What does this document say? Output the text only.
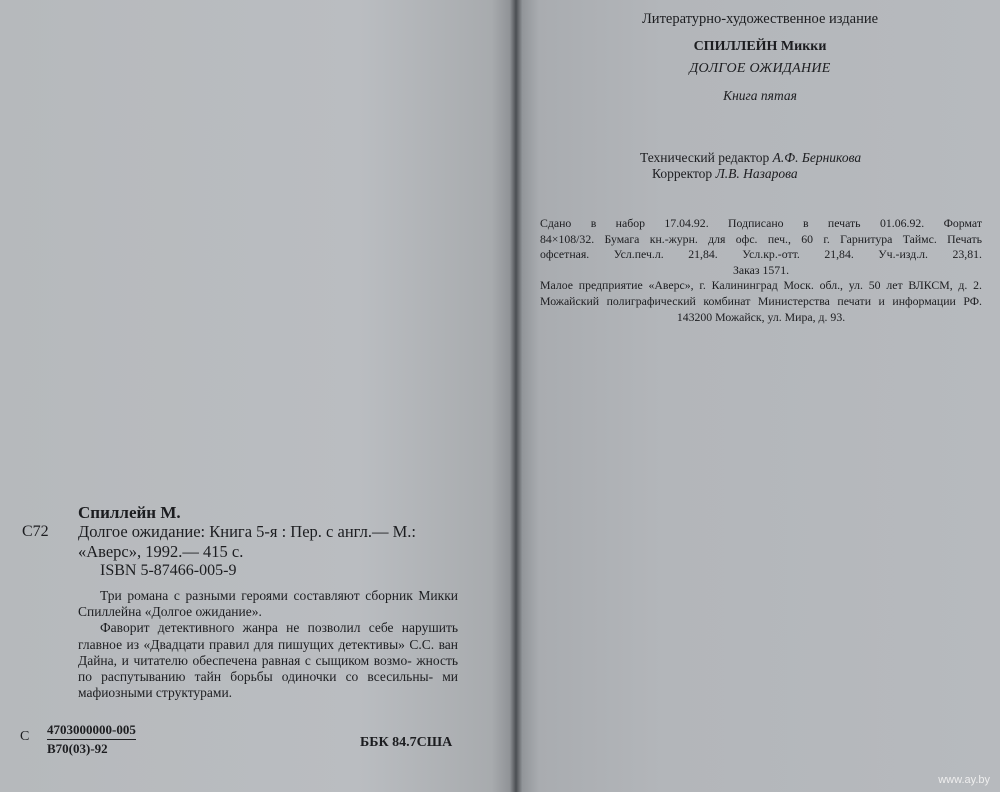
Спиллейн М.
С72 Долгое ожидание: Книга 5-я : Пер. с англ.— М.:
«Аверс», 1992.— 415 с.
ISBN 5-87466-005-9

Три романа с разными героями составляют сборник Микки Спиллейна «Долгое ожидание».

Фаворит детективного жанра не позволил себе нарушить главное из «Двадцати правил для пишущих детективы» С.С. ван Дайна, и читателю обеспечена равная с сыщиком возмо- жность по распутыванию тайн борьбы одиночки со всесильны- ми мафиозными структурами.

С 4703000000-005
В70(03)-92	ББК 84.7США
Литературно-художественное издание
СПИЛЛЕЙН Микки
ДОЛГОЕ ОЖИДАНИЕ
Книга пятая
Технический редактор А.Ф. Берникова
Корректор Л.В. Назарова
Сдано в набор 17.04.92. Подписано в печать 01.06.92. Формат
84×108/32. Бумага кн.-журн. для офс. печ., 60 г. Гарнитура Таймс. Печать
офсетная. Усл.печ.л. 21,84. Усл.кр.-отт. 21,84. Уч.-изд.л. 23,81.
Заказ 1571.
Малое предприятие «Аверс», г. Калининград Моск. обл., ул. 50 лет ВЛКСМ, д. 2.
Можайский полиграфический комбинат Министерства печати и информации РФ.
143200 Можайск, ул. Мира, д. 93.
www.ay.by
